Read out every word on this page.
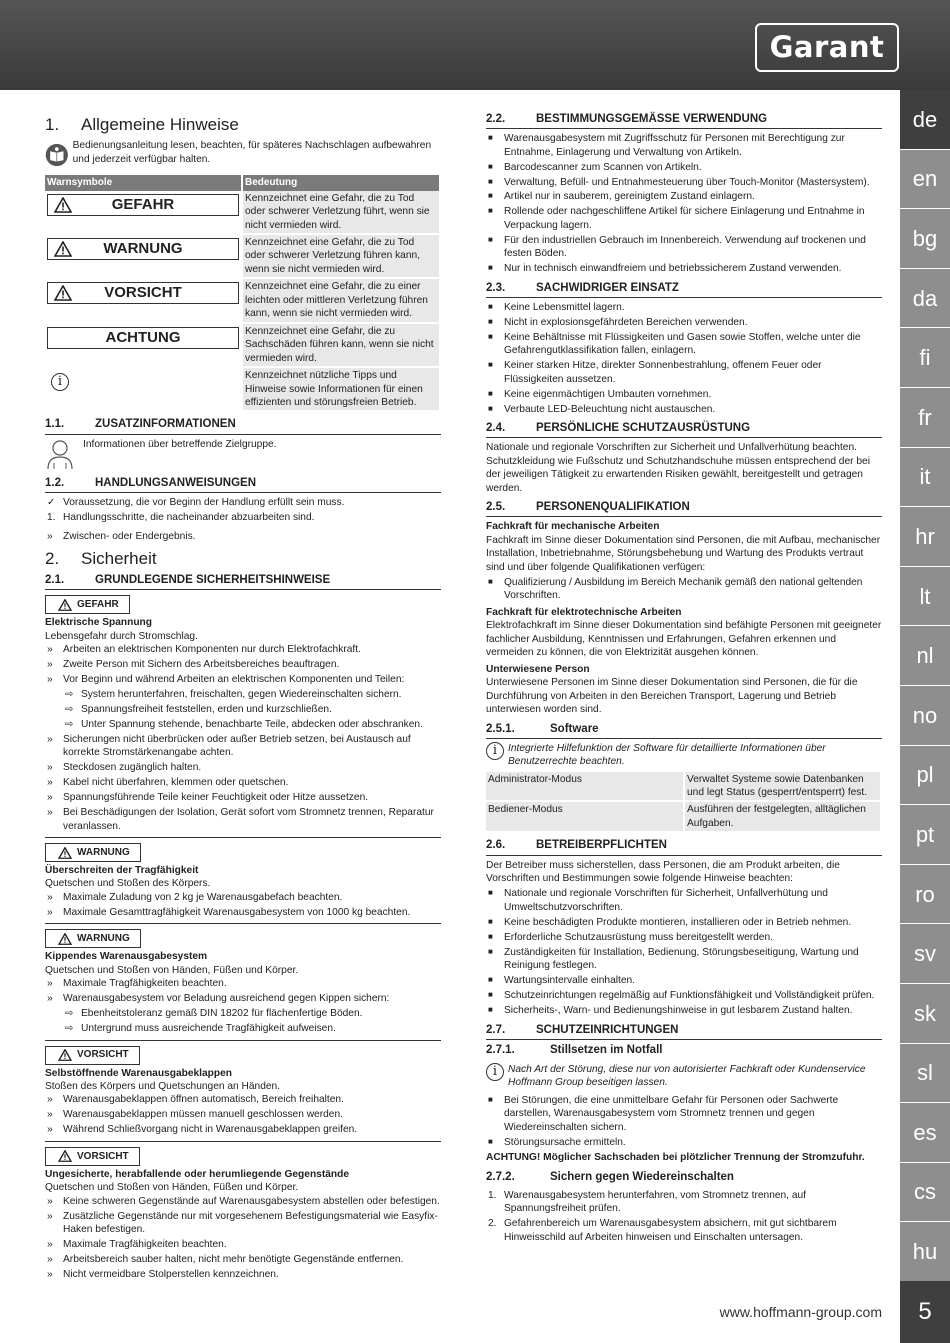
Garant
de
en
bg
da
fi
fr
it
hr
lt
nl
no
pl
pt
ro
sv
sk
sl
es
cs
hu
5
www.hoffmann-group.com
1.	Allgemeine Hinweise
Bedienungsanleitung lesen, beachten, für späteres Nachschlagen aufbewahren und jederzeit verfügbar halten.
Warnsymbole	Bedeutung

GEFAHR	Kennzeichnet eine Gefahr, die zu Tod oder schwerer Verletzung führt, wenn sie nicht vermieden wird.

WARNUNG	Kennzeichnet eine Gefahr, die zu Tod oder schwerer Verletzung führen kann, wenn sie nicht vermieden wird.

VORSICHT	Kennzeichnet eine Gefahr, die zu einer leichten oder mittleren Verletzung führen kann, wenn sie nicht vermieden wird.

ACHTUNG	Kennzeichnet eine Gefahr, die zu Sachschäden führen kann, wenn sie nicht vermieden wird.

i	Kennzeichnet nützliche Tipps und Hinweise sowie Informationen für einen effizienten und störungsfreien Betrieb.
1.1.	ZUSATZINFORMATIONEN
Informationen über betreffende Zielgruppe.
1.2.	HANDLUNGSANWEISUNGEN
✓ Voraussetzung, die vor Beginn der Handlung erfüllt sein muss.
1. Handlungsschritte, die nacheinander abzuarbeiten sind.
» Zwischen- oder Endergebnis.
2.	Sicherheit
2.1.	GRUNDLEGENDE SICHERHEITSHINWEISE
GEFAHR
Elektrische Spannung
Lebensgefahr durch Stromschlag.
» Arbeiten an elektrischen Komponenten nur durch Elektrofachkraft.
» Zweite Person mit Sichern des Arbeitsbereiches beauftragen.
» Vor Beginn und während Arbeiten an elektrischen Komponenten und Teilen:
⇨ System herunterfahren, freischalten, gegen Wiedereinschalten sichern.
⇨ Spannungsfreiheit feststellen, erden und kurzschließen.
⇨ Unter Spannung stehende, benachbarte Teile, abdecken oder abschranken.
» Sicherungen nicht überbrücken oder außer Betrieb setzen, bei Austausch auf korrekte Stromstärkenangabe achten.
» Steckdosen zugänglich halten.
» Kabel nicht überfahren, klemmen oder quetschen.
» Spannungsführende Teile keiner Feuchtigkeit oder Hitze aussetzen.
» Bei Beschädigungen der Isolation, Gerät sofort vom Stromnetz trennen, Reparatur veranlassen.
WARNUNG
Überschreiten der Tragfähigkeit
Quetschen und Stoßen des Körpers.
» Maximale Zuladung von 2 kg je Warenausgabefach beachten.
» Maximale Gesamttragfähigkeit Warenausgabesystem von 1000 kg beachten.
WARNUNG
Kippendes Warenausgabesystem
Quetschen und Stoßen von Händen, Füßen und Körper.
» Maximale Tragfähigkeiten beachten.
» Warenausgabesystem vor Beladung ausreichend gegen Kippen sichern:
⇨ Ebenheitstoleranz gemäß DIN 18202 für flächenfertige Böden.
⇨ Untergrund muss ausreichende Tragfähigkeit aufweisen.
VORSICHT
Selbstöffnende Warenausgabeklappen
Stoßen des Körpers und Quetschungen an Händen.
» Warenausgabeklappen öffnen automatisch, Bereich freihalten.
» Warenausgabeklappen müssen manuell geschlossen werden.
» Während Schließvorgang nicht in Warenausgabeklappen greifen.
VORSICHT
Ungesicherte, herabfallende oder herumliegende Gegenstände
Quetschen und Stoßen von Händen, Füßen und Körper.
» Keine schweren Gegenstände auf Warenausgabesystem abstellen oder befestigen.
» Zusätzliche Gegenstände nur mit vorgesehenem Befestigungsmaterial wie Easyfix-Haken befestigen.
» Maximale Tragfähigkeiten beachten.
» Arbeitsbereich sauber halten, nicht mehr benötigte Gegenstände entfernen.
» Nicht vermeidbare Stolperstellen kennzeichnen.
2.2.	BESTIMMUNGSGEMÄSSE VERWENDUNG
■ Warenausgabesystem mit Zugriffsschutz für Personen mit Berechtigung zur Entnahme, Einlagerung und Verwaltung von Artikeln.
■ Barcodescanner zum Scannen von Artikeln.
■ Verwaltung, Befüll- und Entnahmesteuerung über Touch-Monitor (Mastersystem).
■ Artikel nur in sauberem, gereinigtem Zustand einlagern.
■ Rollende oder nachgeschliffene Artikel für sichere Einlagerung und Entnahme in Verpackung lagern.
■ Für den industriellen Gebrauch im Innenbereich. Verwendung auf trockenen und festen Böden.
■ Nur in technisch einwandfreiem und betriebssicherem Zustand verwenden.
2.3.	SACHWIDRIGER EINSATZ
■ Keine Lebensmittel lagern.
■ Nicht in explosionsgefährdeten Bereichen verwenden.
■ Keine Behältnisse mit Flüssigkeiten und Gasen sowie Stoffen, welche unter die Gefahrengutklassifikation fallen, einlagern.
■ Keiner starken Hitze, direkter Sonnenbestrahlung, offenem Feuer oder Flüssigkeiten aussetzen.
■ Keine eigenmächtigen Umbauten vornehmen.
■ Verbaute LED-Beleuchtung nicht austauschen.
2.4.	PERSÖNLICHE SCHUTZAUSRÜSTUNG
Nationale und regionale Vorschriften zur Sicherheit und Unfallverhütung beachten. Schutzkleidung wie Fußschutz und Schutzhandschuhe müssen entsprechend der bei der jeweiligen Tätigkeit zu erwartenden Risiken gewählt, bereitgestellt und getragen werden.
2.5.	PERSONENQUALIFIKATION
Fachkraft für mechanische Arbeiten
Fachkraft im Sinne dieser Dokumentation sind Personen, die mit Aufbau, mechanischer Installation, Inbetriebnahme, Störungsbehebung und Wartung des Produkts vertraut sind und über folgende Qualifikationen verfügen:
■ Qualifizierung / Ausbildung im Bereich Mechanik gemäß den national geltenden Vorschriften.
Fachkraft für elektrotechnische Arbeiten
Elektrofachkraft im Sinne dieser Dokumentation sind befähigte Personen mit geeigneter fachlicher Ausbildung, Kenntnissen und Erfahrungen, Gefahren erkennen und vermeiden zu können, die von Elektrizität ausgehen können.
Unterwiesene Person
Unterwiesene Personen im Sinne dieser Dokumentation sind Personen, die für die Durchführung von Arbeiten in den Bereichen Transport, Lagerung und Betrieb unterwiesen worden sind.
2.5.1.	Software
i	Integrierte Hilfefunktion der Software für detaillierte Informationen über Benutzerrechte beachten.
Administrator-Modus	Verwaltet Systeme sowie Datenbanken und legt Status (gesperrt/entsperrt) fest.
Bediener-Modus	Ausführen der festgelegten, alltäglichen Aufgaben.
2.6.	BETREIBERPFLICHTEN
Der Betreiber muss sicherstellen, dass Personen, die am Produkt arbeiten, die Vorschriften und Bestimmungen sowie folgende Hinweise beachten:
■ Nationale und regionale Vorschriften für Sicherheit, Unfallverhütung und Umweltschutzvorschriften.
■ Keine beschädigten Produkte montieren, installieren oder in Betrieb nehmen.
■ Erforderliche Schutzausrüstung muss bereitgestellt werden.
■ Zuständigkeiten für Installation, Bedienung, Störungsbeseitigung, Wartung und Reinigung festlegen.
■ Wartungsintervalle einhalten.
■ Schutzeinrichtungen regelmäßig auf Funktionsfähigkeit und Vollständigkeit prüfen.
■ Sicherheits-, Warn- und Bedienungshinweise in gut lesbarem Zustand halten.
2.7.	SCHUTZEINRICHTUNGEN
2.7.1.	Stillsetzen im Notfall
i	Nach Art der Störung, diese nur von autorisierter Fachkraft oder Kundenservice Hoffmann Group beseitigen lassen.
■ Bei Störungen, die eine unmittelbare Gefahr für Personen oder Sachwerte darstellen, Warenausgabesystem vom Stromnetz trennen und gegen Wiedereinschalten sichern.
■ Störungsursache ermitteln.
ACHTUNG! Möglicher Sachschaden bei plötzlicher Trennung der Stromzufuhr.
2.7.2.	Sichern gegen Wiedereinschalten
1. Warenausgabesystem herunterfahren, vom Stromnetz trennen, auf Spannungsfreiheit prüfen.
2. Gefahrenbereich um Warenausgabesystem absichern, mit gut sichtbarem Hinweisschild auf Arbeiten hinweisen und Einschalten untersagen.
